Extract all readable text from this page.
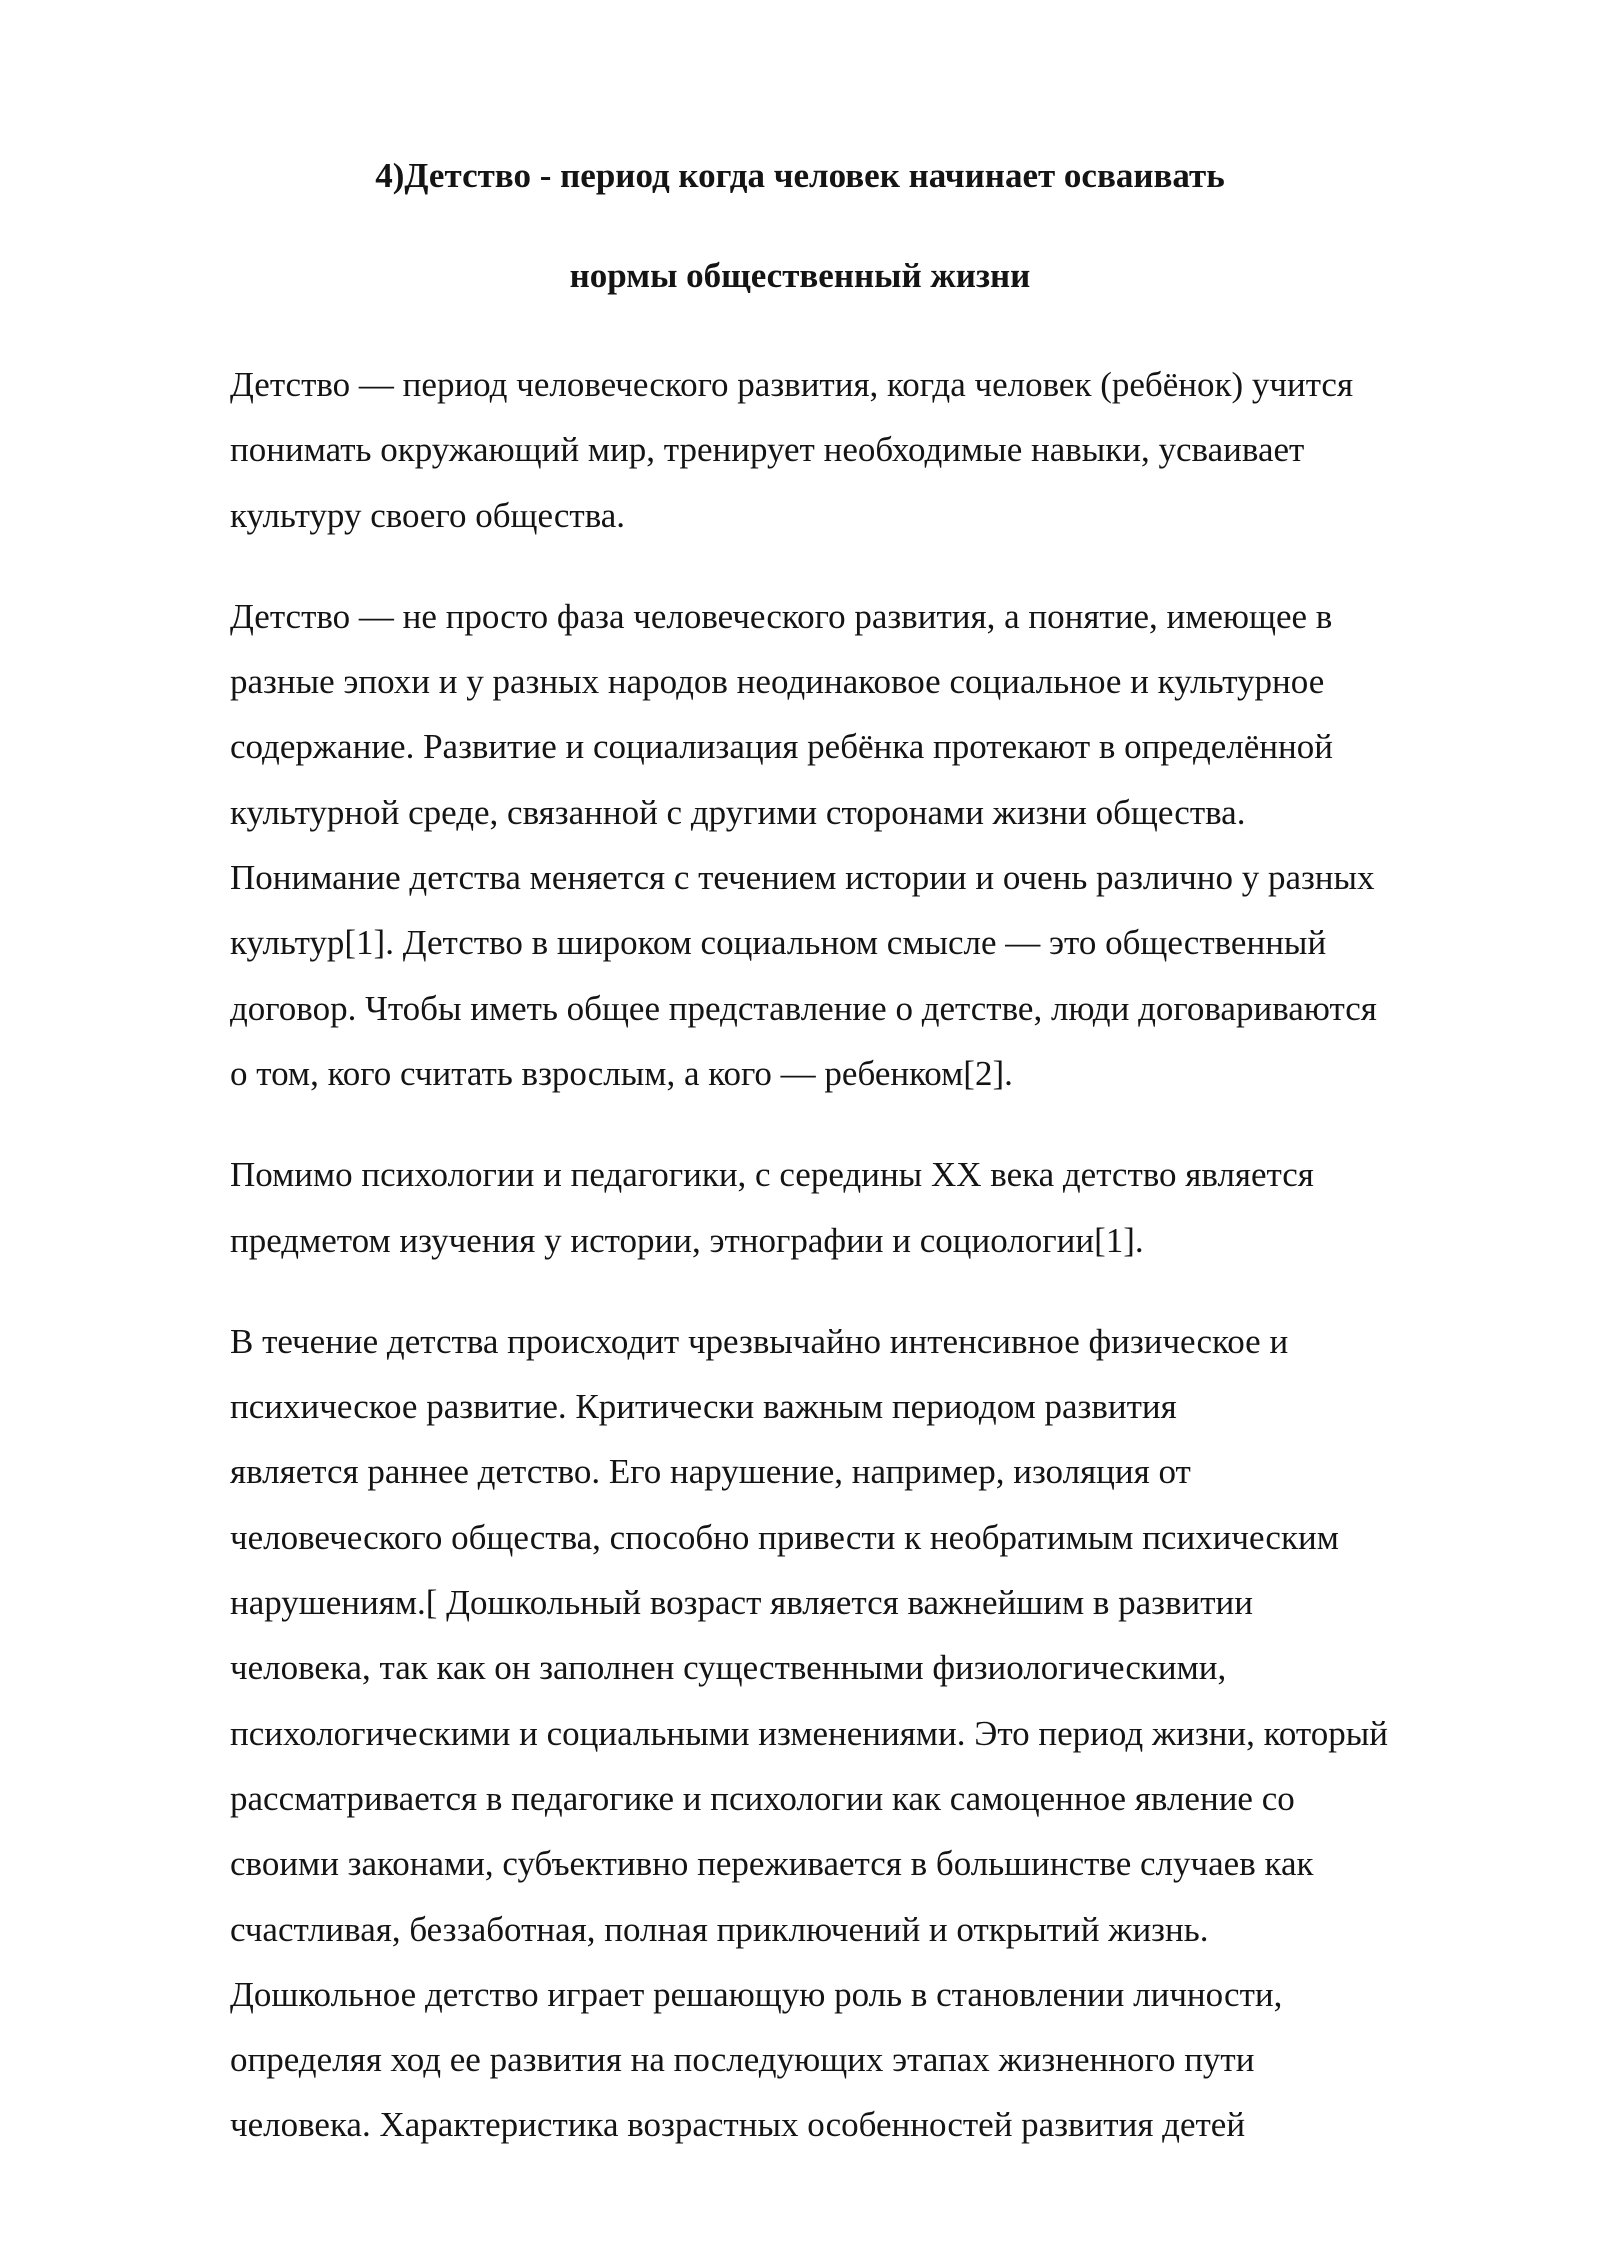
4)Детство - период когда человек начинает осваивать
нормы общественный жизни

Детство — период человеческого развития, когда человек (ребёнок) учится
понимать окружающий мир, тренирует необходимые навыки, усваивает
культуру своего общества.

Детство — не просто фаза человеческого развития, а понятие, имеющее в
разные эпохи и у разных народов неодинаковое социальное и культурное
содержание. Развитие и социализация ребёнка протекают в определённой
культурной среде, связанной с другими сторонами жизни общества.
Понимание детства меняется с течением истории и очень различно у разных
культур[1]. Детство в широком социальном смысле — это общественный
договор. Чтобы иметь общее представление о детстве, люди договариваются
о том, кого считать взрослым, а кого — ребенком[2].

Помимо психологии и педагогики, с середины XX века детство является
предметом изучения у истории, этнографии и социологии[1].

В течение детства происходит чрезвычайно интенсивное физическое и
психическое развитие. Критически важным периодом развития
является раннее детство. Его нарушение, например, изоляция от
человеческого общества, способно привести к необратимым психическим
нарушениям.[ Дошкольный возраст является важнейшим в развитии
человека, так как он заполнен существенными физиологическими,
психологическими и социальными изменениями. Это период жизни, который
рассматривается в педагогике и психологии как самоценное явление со
своими законами, субъективно переживается в большинстве случаев как
счастливая, беззаботная, полная приключений и открытий жизнь.
Дошкольное детство играет решающую роль в становлении личности,
определяя ход ее развития на последующих этапах жизненного пути
человека. Характеристика возрастных особенностей развития детей
